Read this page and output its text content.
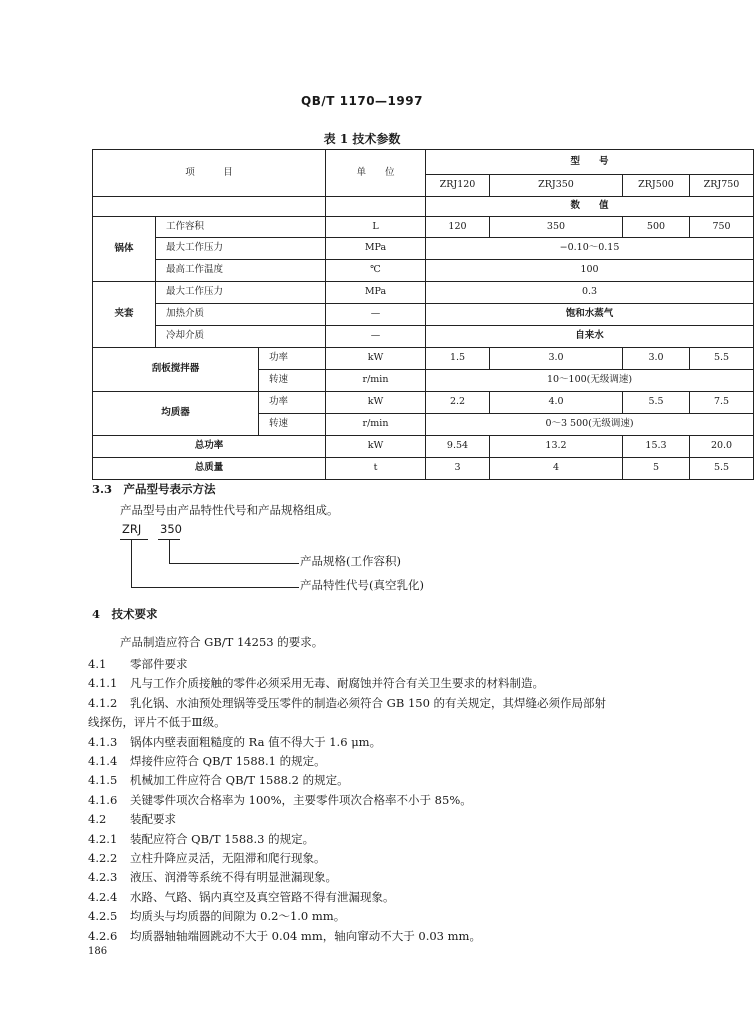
QB/T 1170—1997
表 1 技术参数
项　　　目			单　　位	型　　号			
				ZRJ120	ZRJ350	ZRJ500	ZRJ750
				数　　值			
锅体	工作容积		L	120	350	500	750
	最大工作压力		MPa	−0.10～0.15			
	最高工作温度		℃	100			
夹套	最大工作压力		MPa	0.3			
	加热介质		—	饱和水蒸气			
	冷却介质		—	自来水			
刮板搅拌器		功率	kW	1.5	3.0	3.0	5.5
		转速	r/min	10～100(无级调速)			
均质器		功率	kW	2.2	4.0	5.5	7.5
		转速	r/min	0～3 500(无级调速)			
总功率			kW	9.54	13.2	15.3	20.0
总质量			t	3	4	5	5.5
3.3　产品型号表示方法
产品型号由产品特性代号和产品规格组成。
ZRJ 350
产品规格(工作容积)
产品特性代号(真空乳化)
4　技术要求
产品制造应符合 GB/T 14253 的要求。
4.1 零部件要求
4.1.1 凡与工作介质接触的零件必须采用无毒、耐腐蚀并符合有关卫生要求的材料制造。
4.1.2 乳化锅、水油预处理锅等受压零件的制造必须符合 GB 150 的有关规定，其焊缝必须作局部射
线探伤，评片不低于Ⅲ级。
4.1.3 锅体内壁表面粗糙度的 Ra 值不得大于 1.6 μm。
4.1.4 焊接件应符合 QB/T 1588.1 的规定。
4.1.5 机械加工件应符合 QB/T 1588.2 的规定。
4.1.6 关键零件项次合格率为 100%，主要零件项次合格率不小于 85%。
4.2 装配要求
4.2.1 装配应符合 QB/T 1588.3 的规定。
4.2.2 立柱升降应灵活，无阻滞和爬行现象。
4.2.3 液压、润滑等系统不得有明显泄漏现象。
4.2.4 水路、气路、锅内真空及真空管路不得有泄漏现象。
4.2.5 均质头与均质器的间隙为 0.2～1.0 mm。
4.2.6 均质器轴轴端圆跳动不大于 0.04 mm，轴向窜动不大于 0.03 mm。
186
